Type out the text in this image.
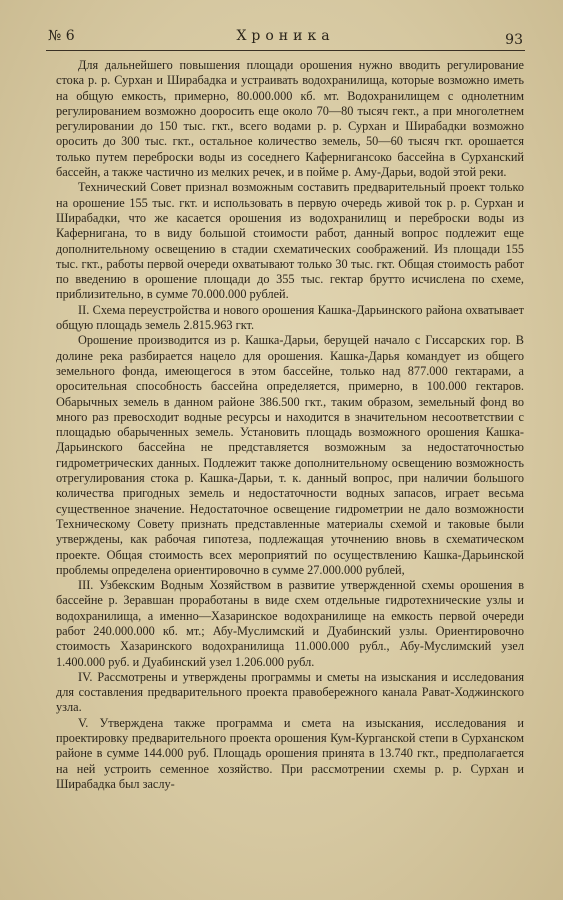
№ 6	Хроника	93

Для дальнейшего повышения площади орошения нужно вводить регулирование стока р. р. Сурхан и Ширабадка и устраивать водохранилища, которые возможно иметь на общую емкость, примерно, 80.000.000 кб. мт. Водохранилищем с однолетним регулированием возможно дооросить еще около 70—80 тысяч гект., а при многолетнем регулировании до 150 тыс. гкт., всего водами р. р. Сурхан и Ширабадки возможно оросить до 300 тыс. гкт., остальное количество земель, 50—60 тысяч гкт. орошается только путем переброски воды из соседнего Кафернигансоко бассейна в Сурханский бассейн, а также частично из мелких речек, и в пойме р. Аму-Дарьи, водой этой реки.

Технический Совет признал возможным составить предварительный проект только на орошение 155 тыс. гкт. и использовать в первую очередь живой ток р. р. Сурхан и Ширабадки, что же касается орошения из водохранилищ и переброски воды из Кафернигана, то в виду большой стоимости работ, данный вопрос подлежит еще дополнительному освещению в стадии схематических соображений. Из площади 155 тыс. гкт., работы первой очереди охватывают только 30 тыс. гкт. Общая стоимость работ по введению в орошение площади до 355 тыс. гектар брутто исчислена по схеме, приблизительно, в сумме 70.000.000 рублей.

II. Схема переустройства и нового орошения Кашка-Дарьинского района охватывает общую площадь земель 2.815.963 гкт.

Орошение производится из р. Кашка-Дарьи, берущей начало с Гиссарских гор. В долине река разбирается нацело для орошения. Кашка-Дарья командует из общего земельного фонда, имеющегося в этом бассейне, только над 877.000 гектарами, а оросительная способность бассейна определяется, примерно, в 100.000 гектаров. Обарычных земель в данном районе 386.500 гкт., таким образом, земельный фонд во много раз превосходит водные ресурсы и находится в значительном несоответствии с площадью обарыченных земель. Установить площадь возможного орошения Кашка-Дарьинского бассейна не представляется возможным за недостаточностью гидрометрических данных. Подлежит также дополнительному освещению возможность отрегулирования стока р. Кашка-Дарьи, т. к. данный вопрос, при наличии большого количества пригодных земель и недостаточности водных запасов, играет весьма существенное значение. Недостаточное освещение гидрометрии не дало возможности Техническому Совету признать представленные материалы схемой и таковые были утверждены, как рабочая гипотеза, подлежащая уточнению вновь в схематическом проекте. Общая стоимость всех мероприятий по осуществлению Кашка-Дарьинской проблемы определена ориентировочно в сумме 27.000.000 рублей,

III. Узбекским Водным Хозяйством в развитие утвержденной схемы орошения в бассейне р. Зеравшан проработаны в виде схем отдельные гидротехнические узлы и водохранилища, а именно—Хазаринское водохранилище на емкость первой очереди работ 240.000.000 кб. мт.; Абу-Муслимский и Дуабинский узлы. Ориентировочно стоимость Хазаринского водохранилища 11.000.000 рубл., Абу-Муслимский узел 1.400.000 руб. и Дуабинский узел 1.206.000 рубл.

IV. Рассмотрены и утверждены программы и сметы на изыскания и исследования для составления предварительного проекта правобережного канала Рават-Ходжинского узла.

V. Утверждена также программа и смета на изыскания, исследования и проектировку предварительного проекта орошения Кум-Курганской степи в Сурханском районе в сумме 144.000 руб. Площадь орошения принята в 13.740 гкт., предполагается на ней устроить семенное хозяйство. При рассмотрении схемы р. р. Сурхан и Ширабадка был заслу-
